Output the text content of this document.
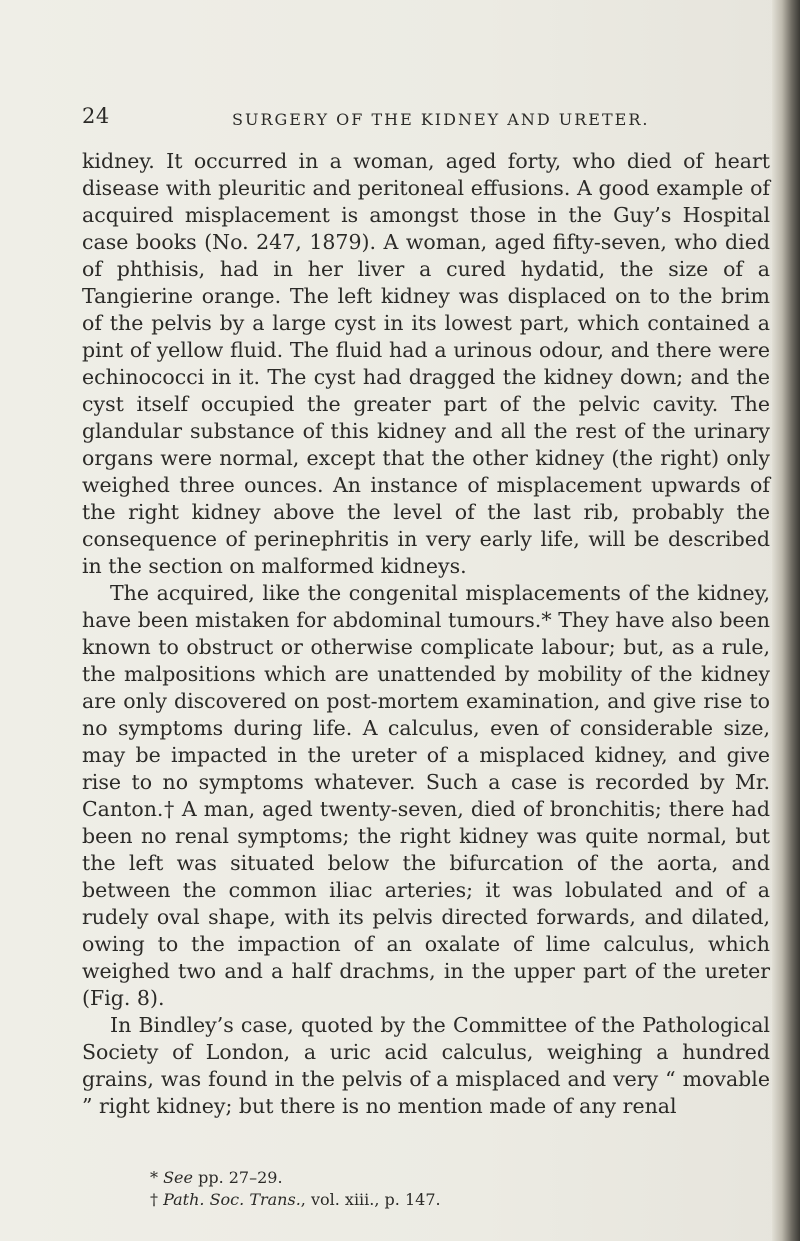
24	SURGERY OF THE KIDNEY AND URETER.

kidney. It occurred in a woman, aged forty, who died of heart disease with pleuritic and peritoneal effusions. A good example of acquired misplacement is amongst those in the Guy’s Hospital case books (No. 247, 1879). A woman, aged fifty-seven, who died of phthisis, had in her liver a cured hydatid, the size of a Tangierine orange. The left kidney was displaced on to the brim of the pelvis by a large cyst in its lowest part, which contained a pint of yellow fluid. The fluid had a urinous odour, and there were echinococci in it. The cyst had dragged the kidney down; and the cyst itself occupied the greater part of the pelvic cavity. The glandular substance of this kidney and all the rest of the urinary organs were normal, except that the other kidney (the right) only weighed three ounces. An instance of misplacement upwards of the right kidney above the level of the last rib, probably the consequence of perinephritis in very early life, will be described in the section on malformed kidneys.

The acquired, like the congenital misplacements of the kidney, have been mistaken for abdominal tumours.* They have also been known to obstruct or otherwise complicate labour; but, as a rule, the malpositions which are unattended by mobility of the kidney are only discovered on post-mortem examination, and give rise to no symptoms during life. A calculus, even of considerable size, may be impacted in the ureter of a misplaced kidney, and give rise to no symptoms whatever. Such a case is recorded by Mr. Canton.† A man, aged twenty-seven, died of bronchitis; there had been no renal symptoms; the right kidney was quite normal, but the left was situated below the bifurcation of the aorta, and between the common iliac arteries; it was lobulated and of a rudely oval shape, with its pelvis directed forwards, and dilated, owing to the impaction of an oxalate of lime calculus, which weighed two and a half drachms, in the upper part of the ureter (Fig. 8).

In Bindley’s case, quoted by the Committee of the Pathological Society of London, a uric acid calculus, weighing a hundred grains, was found in the pelvis of a misplaced and very “ movable ” right kidney; but there is no mention made of any renal

* See pp. 27–29.
† Path. Soc. Trans., vol. xiii., p. 147.
